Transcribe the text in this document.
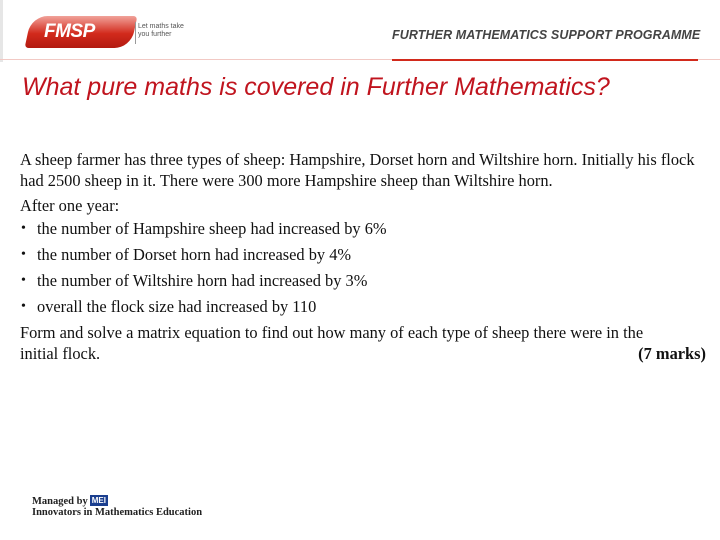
FMSP	Let maths take you further	FURTHER MATHEMATICS SUPPORT PROGRAMME
What pure maths is covered in Further Mathematics?

A sheep farmer has three types of sheep: Hampshire, Dorset horn and Wiltshire horn. Initially his flock had 2500 sheep in it. There were 300 more Hampshire sheep than Wiltshire horn.

After one year:

• the number of Hampshire sheep had increased by 6%
• the number of Dorset horn had increased by 4%
• the number of Wiltshire horn had increased by 3%
• overall the flock size had increased by 110

Form and solve a matrix equation to find out how many of each type of sheep there were in the

initial flock.	(7 marks)

Managed by MEI
Innovators in Mathematics Education
